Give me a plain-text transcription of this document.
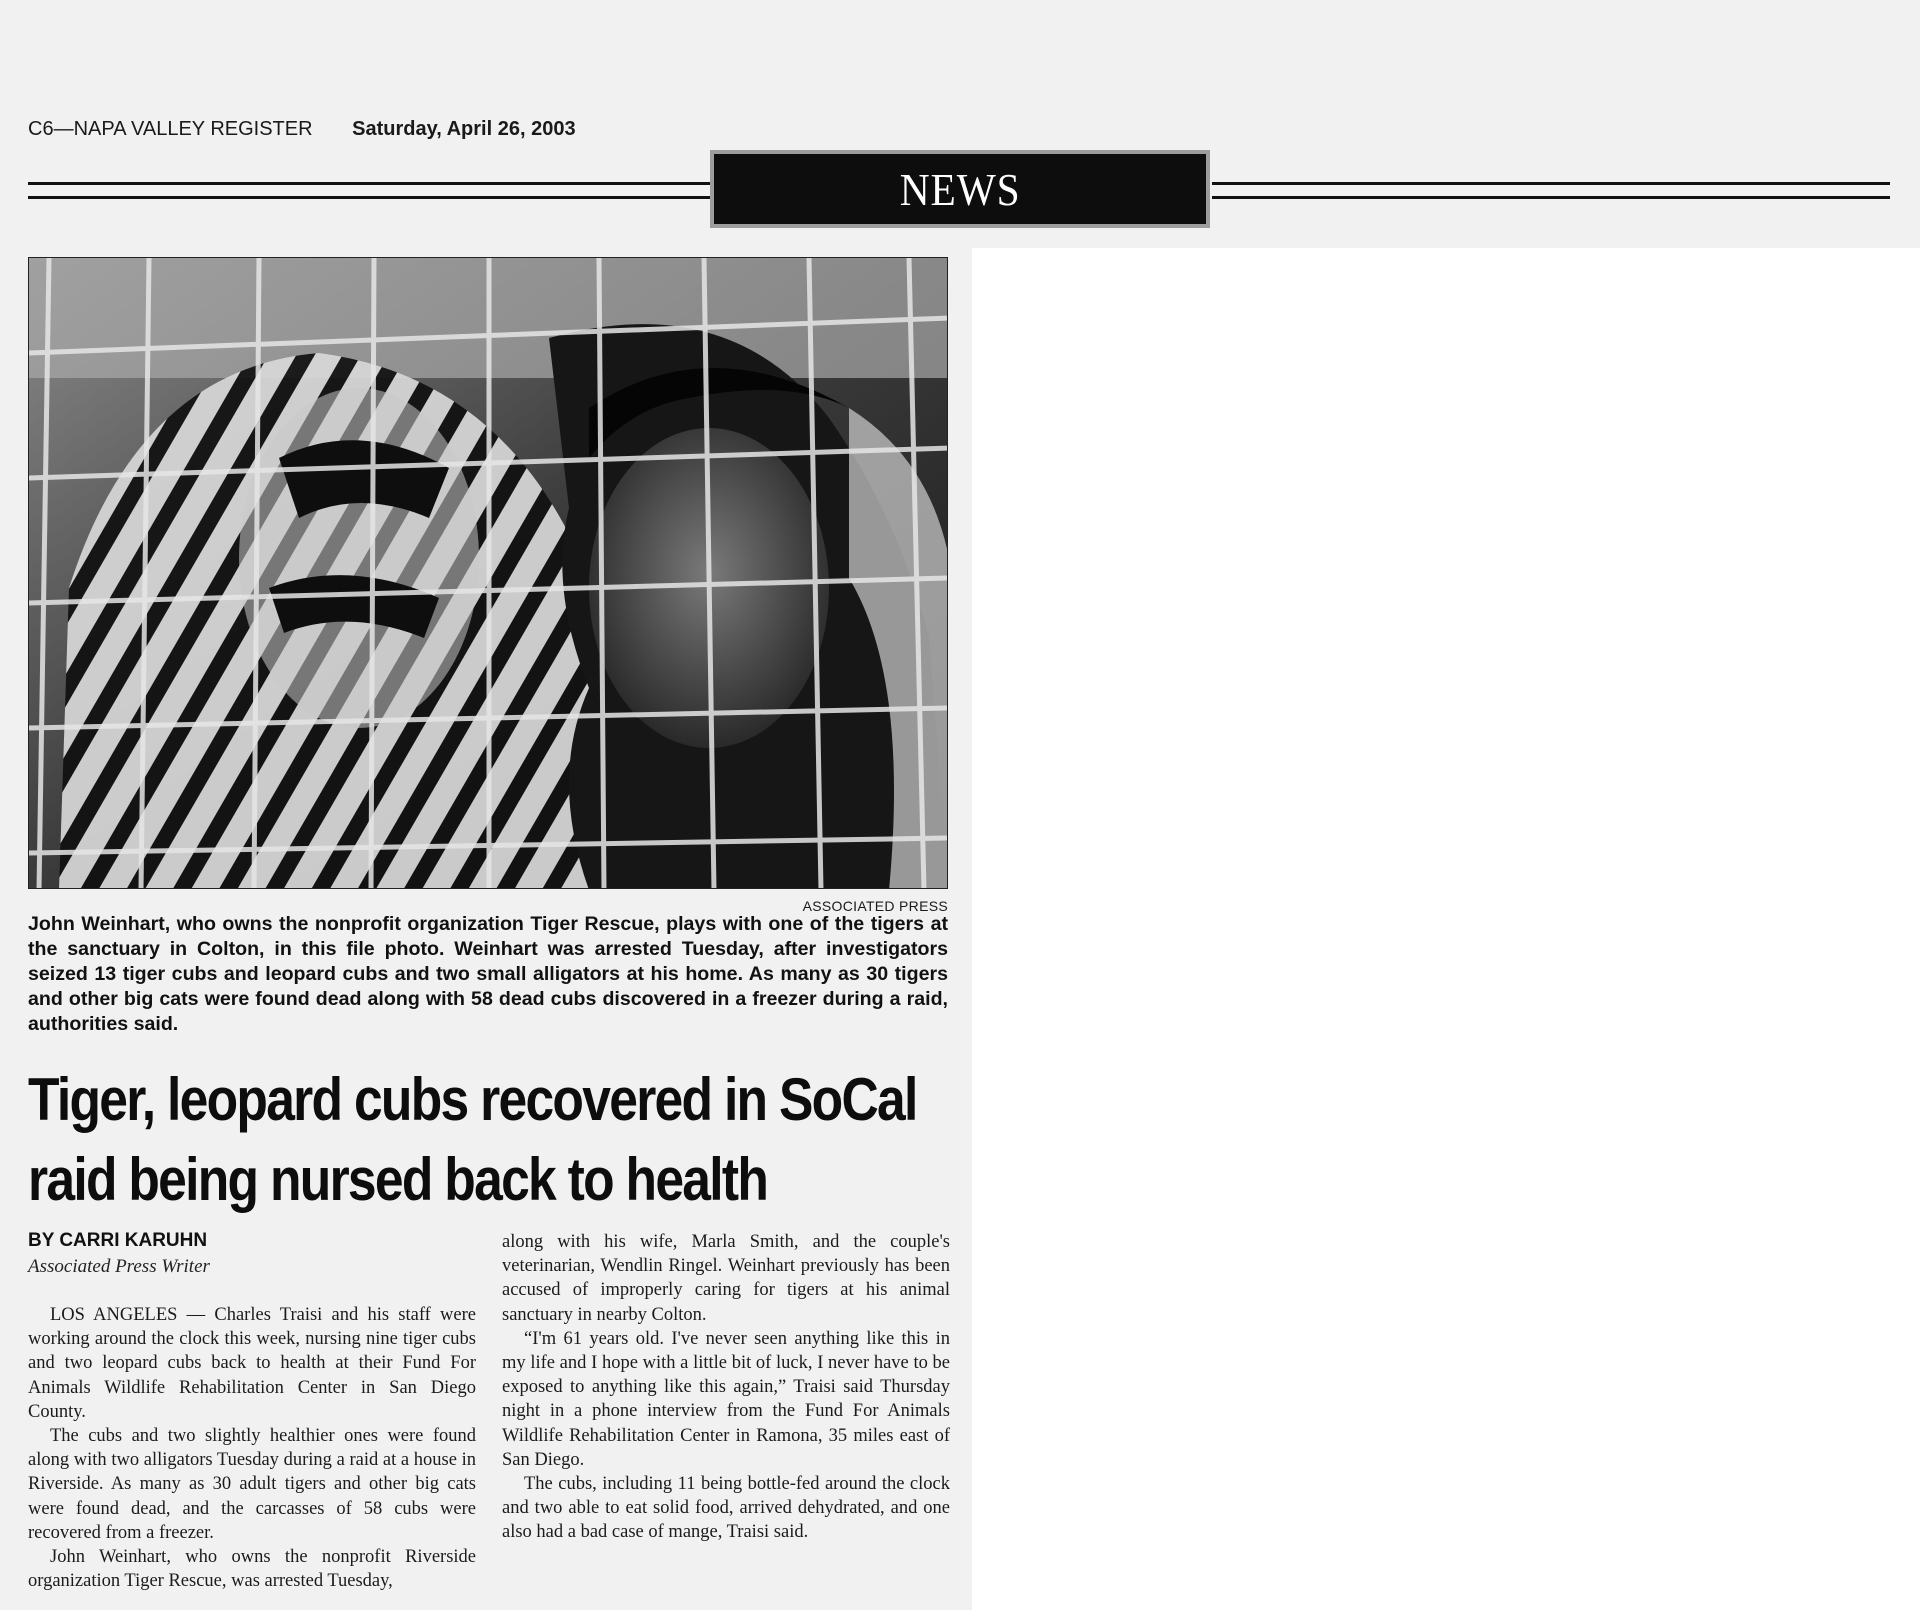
C6—NAPA VALLEY REGISTER Saturday, April 26, 2003
NEWS
ASSOCIATED PRESS
John Weinhart, who owns the nonprofit organization Tiger Rescue, plays with one of the tigers at the sanctuary in Colton, in this file photo. Weinhart was arrested Tuesday, after investigators seized 13 tiger cubs and leopard cubs and two small alligators at his home. As many as 30 tigers and other big cats were found dead along with 58 dead cubs discovered in a freezer during a raid, authorities said.
Tiger, leopard cubs recovered in SoCal raid being nursed back to health
BY CARRI KARUHN
Associated Press Writer

LOS ANGELES — Charles Traisi and his staff were working around the clock this week, nursing nine tiger cubs and two leopard cubs back to health at their Fund For Animals Wildlife Rehabilitation Center in San Diego County.

The cubs and two slightly healthier ones were found along with two alligators Tuesday during a raid at a house in Riverside. As many as 30 adult tigers and other big cats were found dead, and the carcasses of 58 cubs were recovered from a freezer.

John Weinhart, who owns the nonprofit Riverside organization Tiger Rescue, was arrested Tuesday,

along with his wife, Marla Smith, and the couple's veterinarian, Wendlin Ringel. Weinhart previously has been accused of improperly caring for tigers at his animal sanctuary in nearby Colton.

“I'm 61 years old. I've never seen anything like this in my life and I hope with a little bit of luck, I never have to be exposed to anything like this again,” Traisi said Thursday night in a phone interview from the Fund For Animals Wildlife Rehabilitation Center in Ramona, 35 miles east of San Diego.

The cubs, including 11 being bottle-fed around the clock and two able to eat solid food, arrived dehydrated, and one also had a bad case of mange, Traisi said.
